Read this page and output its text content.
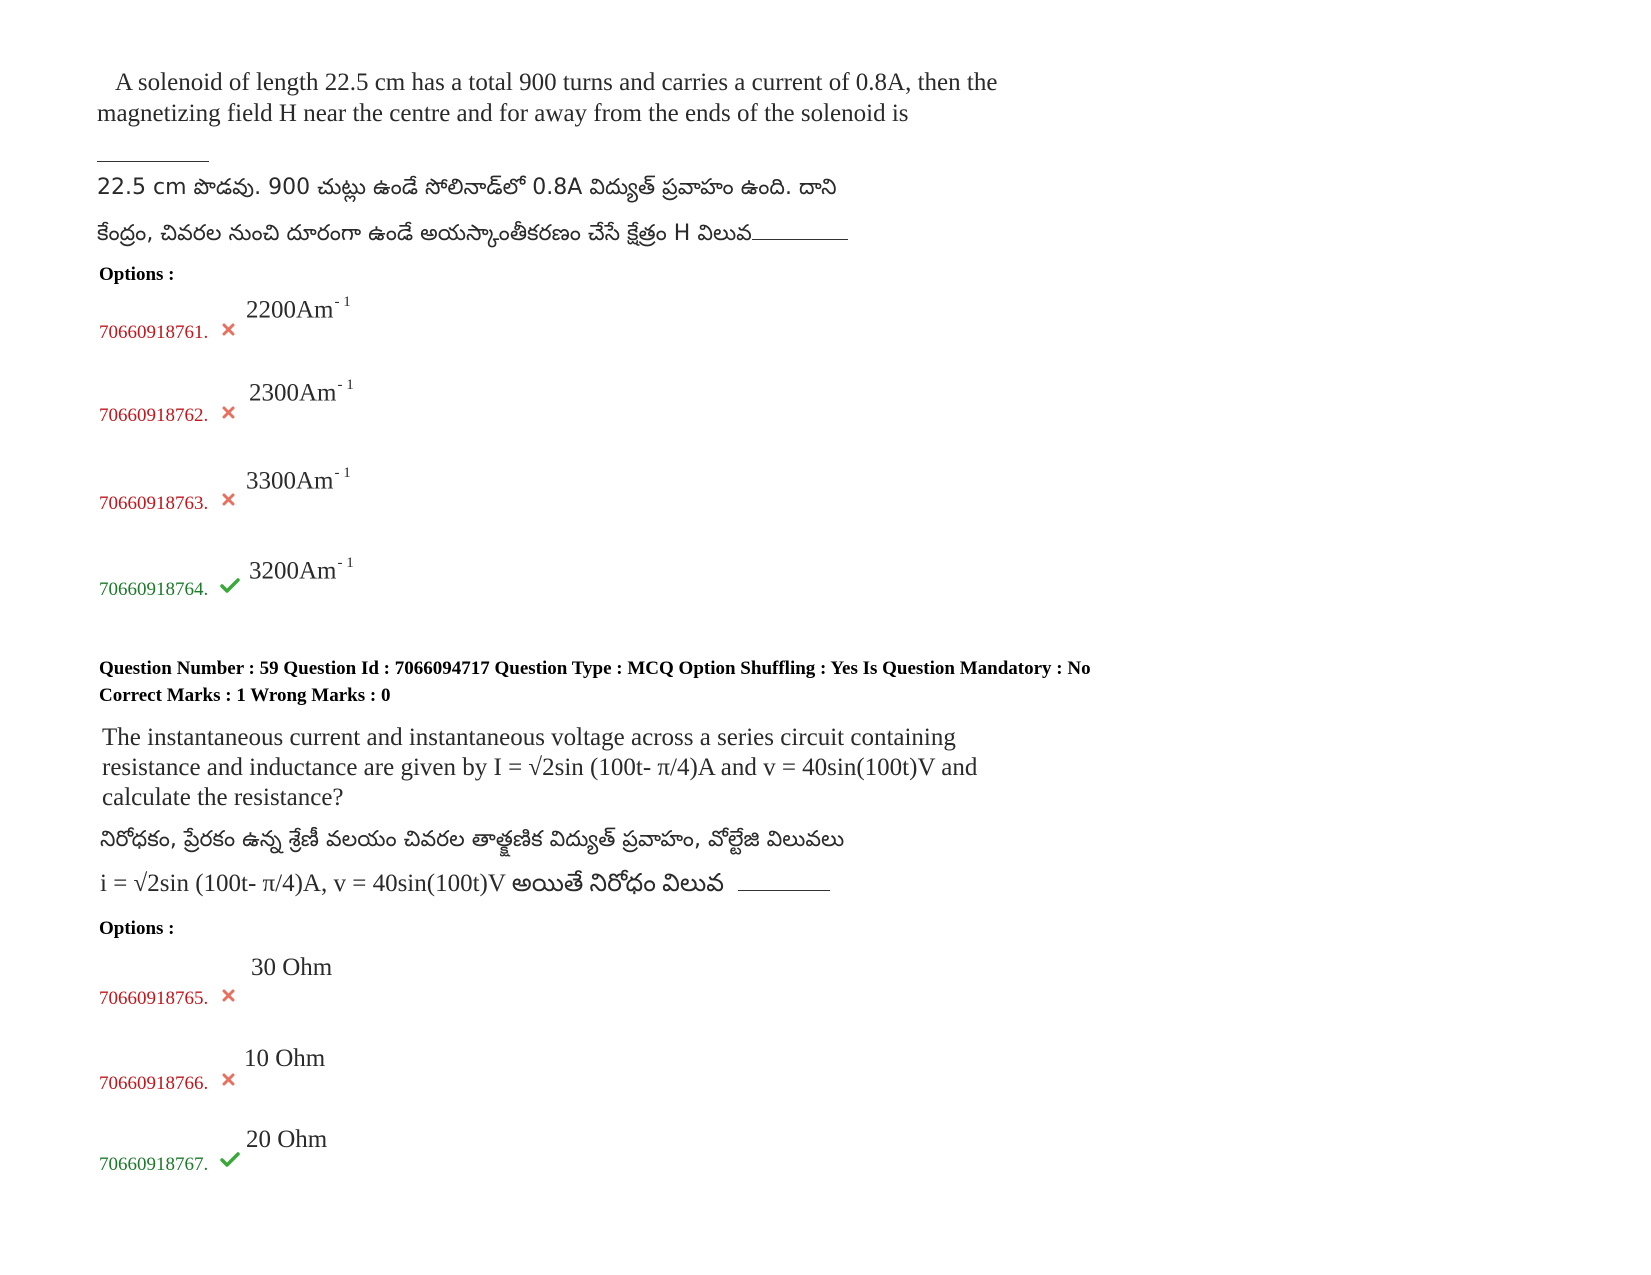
A solenoid of length 22.5 cm has a total 900 turns and carries a current of 0.8A, then the
magnetizing field H near the centre and for away from the ends of the solenoid is

22.5 cm పొడవు. 900 చుట్లు ఉండే సోలినాడ్‌లో 0.8A విద్యుత్ ప్రవాహం ఉంది. దాని
కేంద్రం, చివరల నుంచి దూరంగా ఉండే అయస్కాంతీకరణం చేసే క్షేత్రం H విలువ

Options :
70660918761.
$2200Am^{- 1}$
70660918762.
$2300Am^{- 1}$
70660918763.
$3300Am^{- 1}$
70660918764.
$3200Am^{- 1}$
Question Number : 59 Question Id : 7066094717 Question Type : MCQ Option Shuffling : Yes Is Question Mandatory : No
Correct Marks : 1 Wrong Marks : 0

The instantaneous current and instantaneous voltage across a series circuit containing
resistance and inductance are given by I = √2sin (100t- π/4)A and v = 40sin(100t)V and
calculate the resistance?

నిరోధకం, ప్రేరకం ఉన్న శ్రేణీ వలయం చివరల తాత్క్షణిక విద్యుత్ ప్రవాహం, వోల్టేజి విలువలు
i = √2sin (100t- π/4)A, v = 40sin(100t)V అయితే నిరోధం విలువ

Options :
70660918765.
30 Ohm
70660918766.
10 Ohm
70660918767.
20 Ohm
